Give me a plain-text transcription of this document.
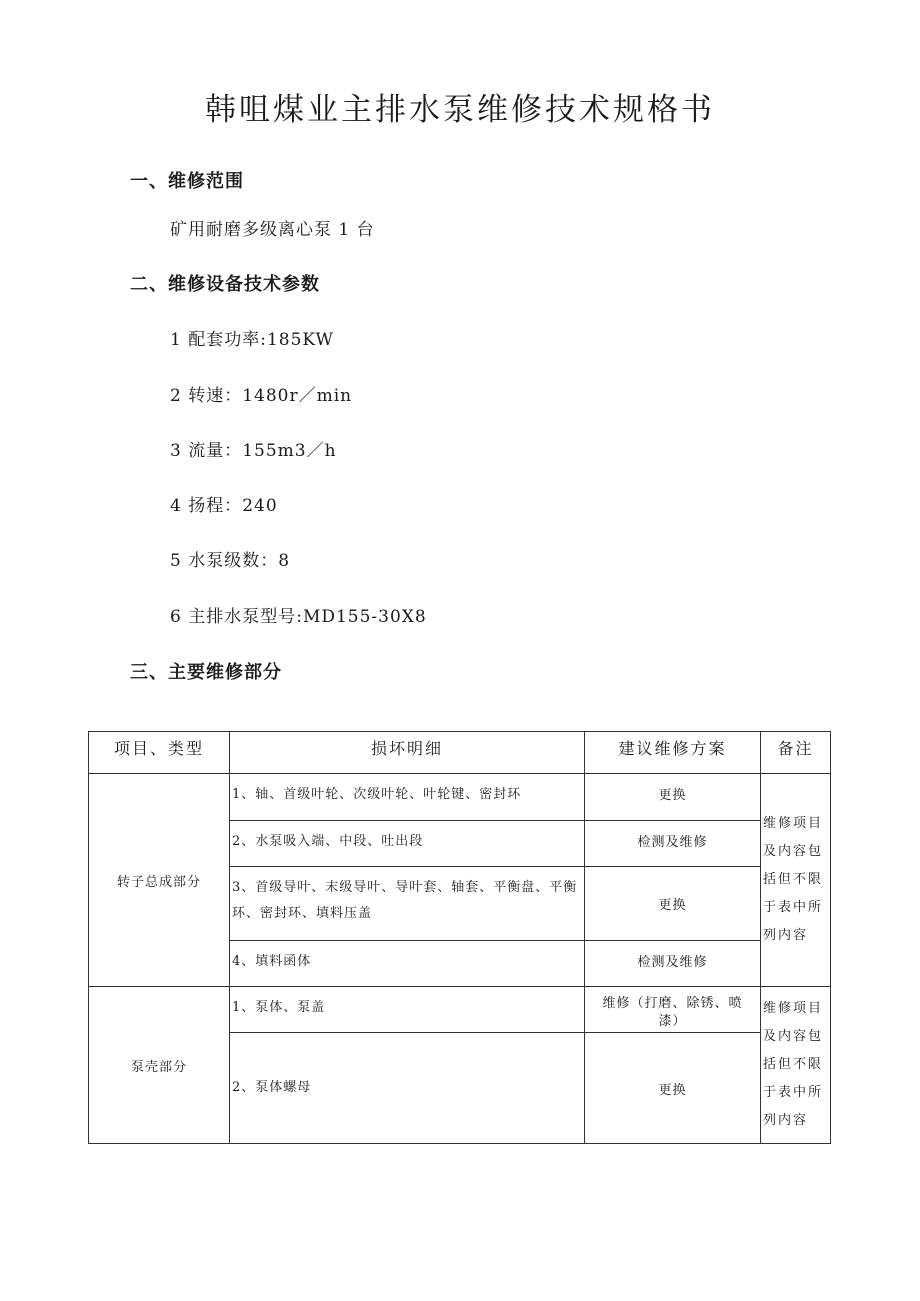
韩咀煤业主排水泵维修技术规格书
一、维修范围
矿用耐磨多级离心泵 1 台
二、维修设备技术参数
1 配套功率:185KW
2 转速：1480r／min
3 流量：155m3／h
4 扬程：240
5 水泵级数：8
6 主排水泵型号:MD155-30X8
三、主要维修部分
项目、类型	损坏明细	建议维修方案	备注
转子总成部分	1、轴、首级叶轮、次级叶轮、叶轮键、密封环	更换	维修项目及内容包括但不限于表中所列内容
	2、水泵吸入端、中段、吐出段	检测及维修	
	3、首级导叶、末级导叶、导叶套、轴套、平衡盘、平衡环、密封环、填料压盖	更换	
	4、填料函体	检测及维修	
泵壳部分	1、泵体、泵盖	维修（打磨、除锈、喷漆）	维修项目及内容包括但不限于表中所列内容
	2、泵体螺母	更换	
